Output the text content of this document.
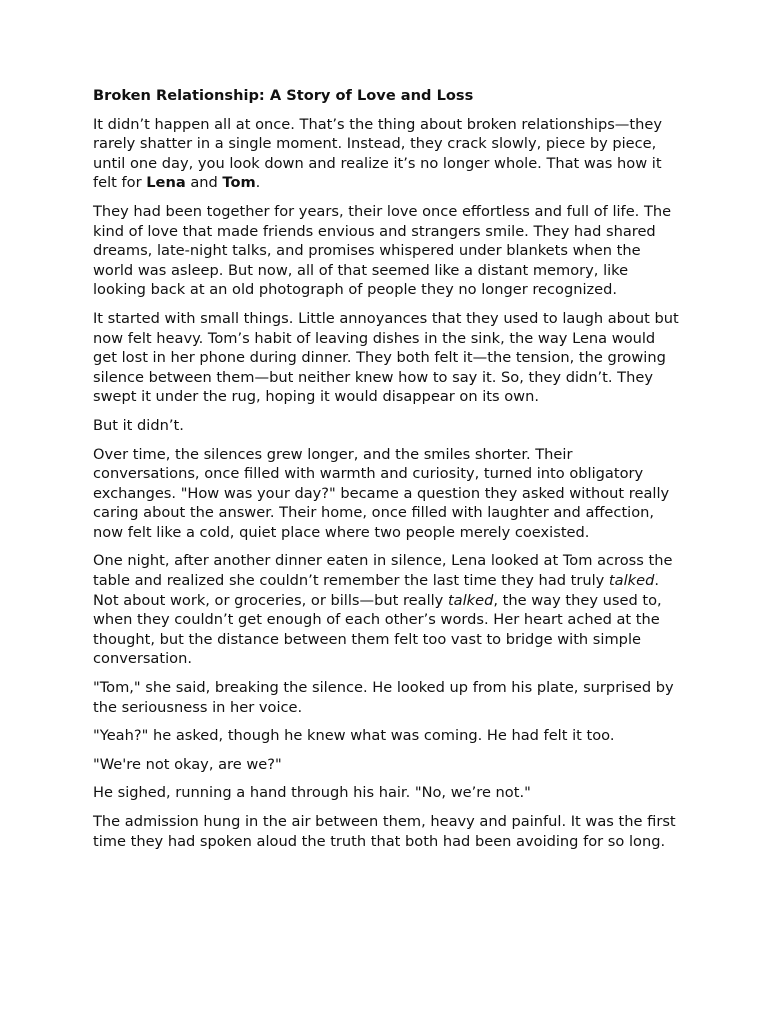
Broken Relationship: A Story of Love and Loss

It didn’t happen all at once. That’s the thing about broken relationships—they rarely shatter in a single moment. Instead, they crack slowly, piece by piece, until one day, you look down and realize it’s no longer whole. That was how it felt for Lena and Tom.

They had been together for years, their love once effortless and full of life. The kind of love that made friends envious and strangers smile. They had shared dreams, late-night talks, and promises whispered under blankets when the world was asleep. But now, all of that seemed like a distant memory, like looking back at an old photograph of people they no longer recognized.

It started with small things. Little annoyances that they used to laugh about but now felt heavy. Tom’s habit of leaving dishes in the sink, the way Lena would get lost in her phone during dinner. They both felt it—the tension, the growing silence between them—but neither knew how to say it. So, they didn’t. They swept it under the rug, hoping it would disappear on its own.

But it didn’t.

Over time, the silences grew longer, and the smiles shorter. Their conversations, once filled with warmth and curiosity, turned into obligatory exchanges. "How was your day?" became a question they asked without really caring about the answer. Their home, once filled with laughter and affection, now felt like a cold, quiet place where two people merely coexisted.

One night, after another dinner eaten in silence, Lena looked at Tom across the table and realized she couldn’t remember the last time they had truly talked. Not about work, or groceries, or bills—but really talked, the way they used to, when they couldn’t get enough of each other’s words. Her heart ached at the thought, but the distance between them felt too vast to bridge with simple conversation.

"Tom," she said, breaking the silence. He looked up from his plate, surprised by the seriousness in her voice.

"Yeah?" he asked, though he knew what was coming. He had felt it too.

"We're not okay, are we?"

He sighed, running a hand through his hair. "No, we’re not."

The admission hung in the air between them, heavy and painful. It was the first time they had spoken aloud the truth that both had been avoiding for so long.
